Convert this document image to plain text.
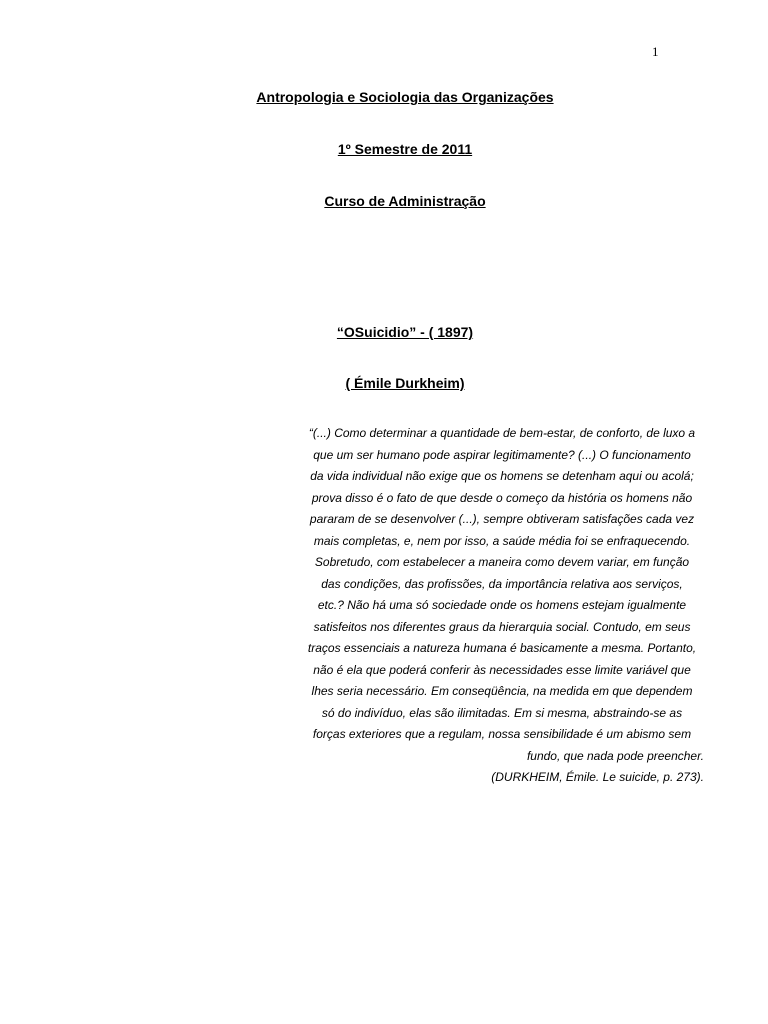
1
Antropologia e Sociologia das Organizações
1º Semestre de 2011
Curso de Administração
“OSuicidio” - ( 1897)
( Émile Durkheim)
“(...) Como determinar a quantidade de bem-estar, de conforto, de luxo a
que um ser humano pode aspirar legitimamente? (...) O funcionamento
da vida individual não exige que os homens se detenham aqui ou acolá;
prova disso é o fato de que desde o começo da história os homens não
pararam de se desenvolver (...), sempre obtiveram satisfações cada vez
mais completas, e, nem por isso, a saúde média foi se enfraquecendo.
Sobretudo, com estabelecer a maneira como devem variar, em função
das condições, das profissões, da importância relativa aos serviços,
etc.? Não há uma só sociedade onde os homens estejam igualmente
satisfeitos nos diferentes graus da hierarquia social. Contudo, em seus
traços essenciais a natureza humana é basicamente a mesma. Portanto,
não é ela que poderá conferir às necessidades esse limite variável que
lhes seria necessário. Em conseqüência, na medida em que dependem
só do indivíduo, elas são ilimitadas. Em si mesma, abstraindo-se as
forças exteriores que a regulam, nossa sensibilidade é um abismo sem
fundo, que nada pode preencher.
(DURKHEIM, Émile. Le suicide, p. 273).
